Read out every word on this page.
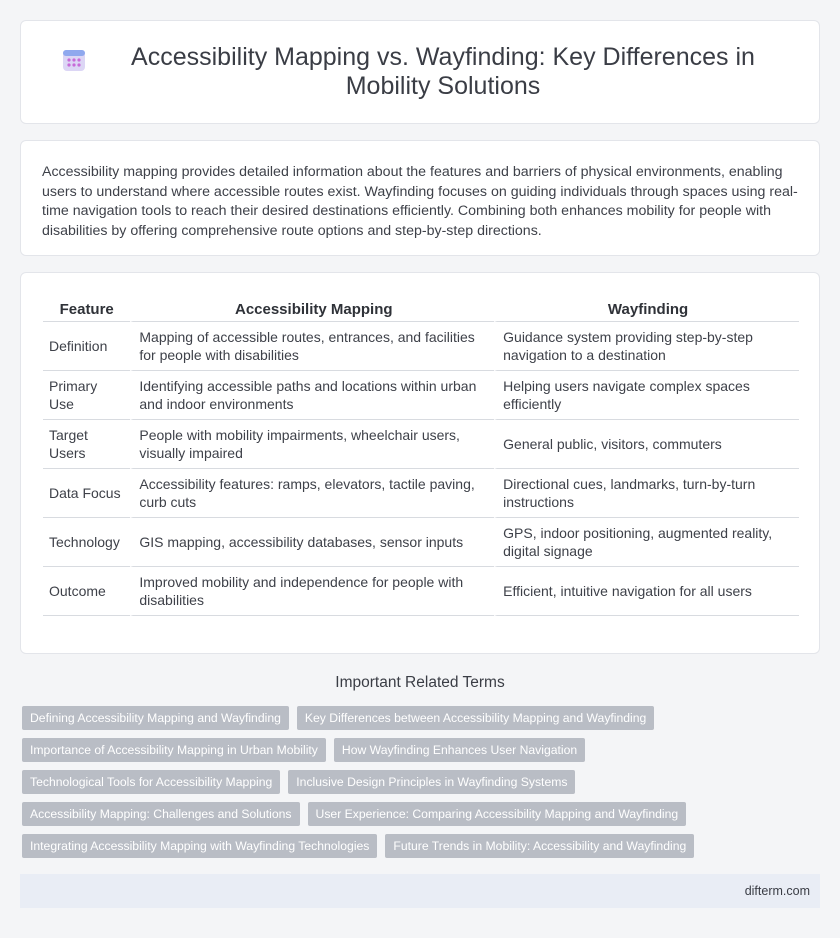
Accessibility Mapping vs. Wayfinding: Key Differences in Mobility Solutions
Accessibility mapping provides detailed information about the features and barriers of physical environments, enabling users to understand where accessible routes exist. Wayfinding focuses on guiding individuals through spaces using real-time navigation tools to reach their desired destinations efficiently. Combining both enhances mobility for people with disabilities by offering comprehensive route options and step-by-step directions.
Feature	Accessibility Mapping	Wayfinding
Definition	Mapping of accessible routes, entrances, and facilities for people with disabilities	Guidance system providing step-by-step navigation to a destination
Primary Use	Identifying accessible paths and locations within urban and indoor environments	Helping users navigate complex spaces efficiently
Target Users	People with mobility impairments, wheelchair users, visually impaired	General public, visitors, commuters
Data Focus	Accessibility features: ramps, elevators, tactile paving, curb cuts	Directional cues, landmarks, turn-by-turn instructions
Technology	GIS mapping, accessibility databases, sensor inputs	GPS, indoor positioning, augmented reality, digital signage
Outcome	Improved mobility and independence for people with disabilities	Efficient, intuitive navigation for all users
Important Related Terms
Defining Accessibility Mapping and Wayfinding	Key Differences between Accessibility Mapping and Wayfinding
Importance of Accessibility Mapping in Urban Mobility	How Wayfinding Enhances User Navigation
Technological Tools for Accessibility Mapping	Inclusive Design Principles in Wayfinding Systems
Accessibility Mapping: Challenges and Solutions	User Experience: Comparing Accessibility Mapping and Wayfinding
Integrating Accessibility Mapping with Wayfinding Technologies	Future Trends in Mobility: Accessibility and Wayfinding
difterm.com
